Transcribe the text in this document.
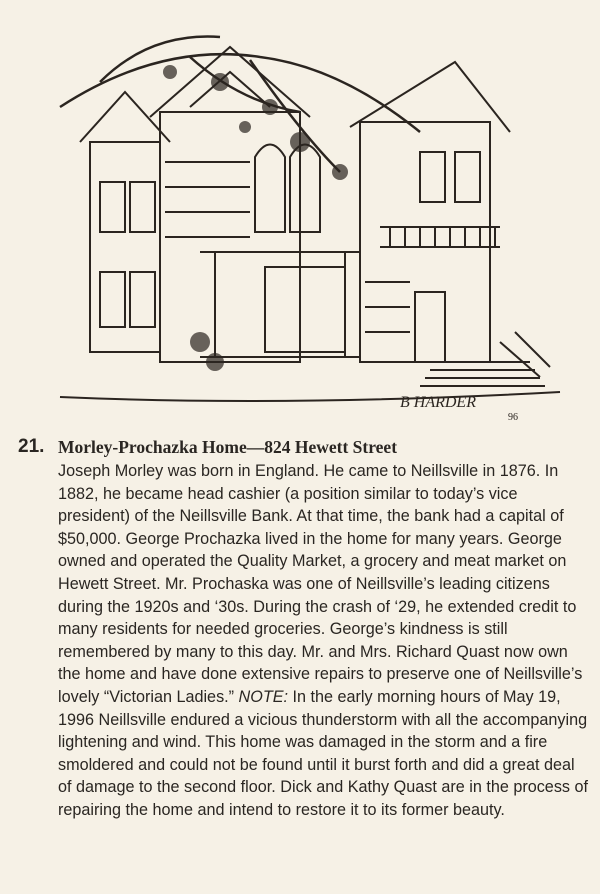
B HARDER
96
21. Morley-Prochazka Home—824 Hewett Street

Joseph Morley was born in England. He came to Neillsville in 1876. In 1882, he became head cashier (a position similar to today’s vice president) of the Neillsville Bank. At that time, the bank had a capital of $50,000. George Prochazka lived in the home for many years. George owned and operated the Quality Market, a grocery and meat market on Hewett Street. Mr. Prochaska was one of Neillsville’s leading citizens during the 1920s and ‘30s. During the crash of ‘29, he extended credit to many residents for needed groceries. George’s kindness is still remembered by many to this day. Mr. and Mrs. Richard Quast now own the home and have done extensive repairs to preserve one of Neillsville’s lovely “Victorian Ladies.” NOTE: In the early morning hours of May 19, 1996 Neillsville endured a vicious thunderstorm with all the accompanying lightening and wind. This home was damaged in the storm and a fire smoldered and could not be found until it burst forth and did a great deal of damage to the second floor. Dick and Kathy Quast are in the process of repairing the home and intend to restore it to its former beauty.
